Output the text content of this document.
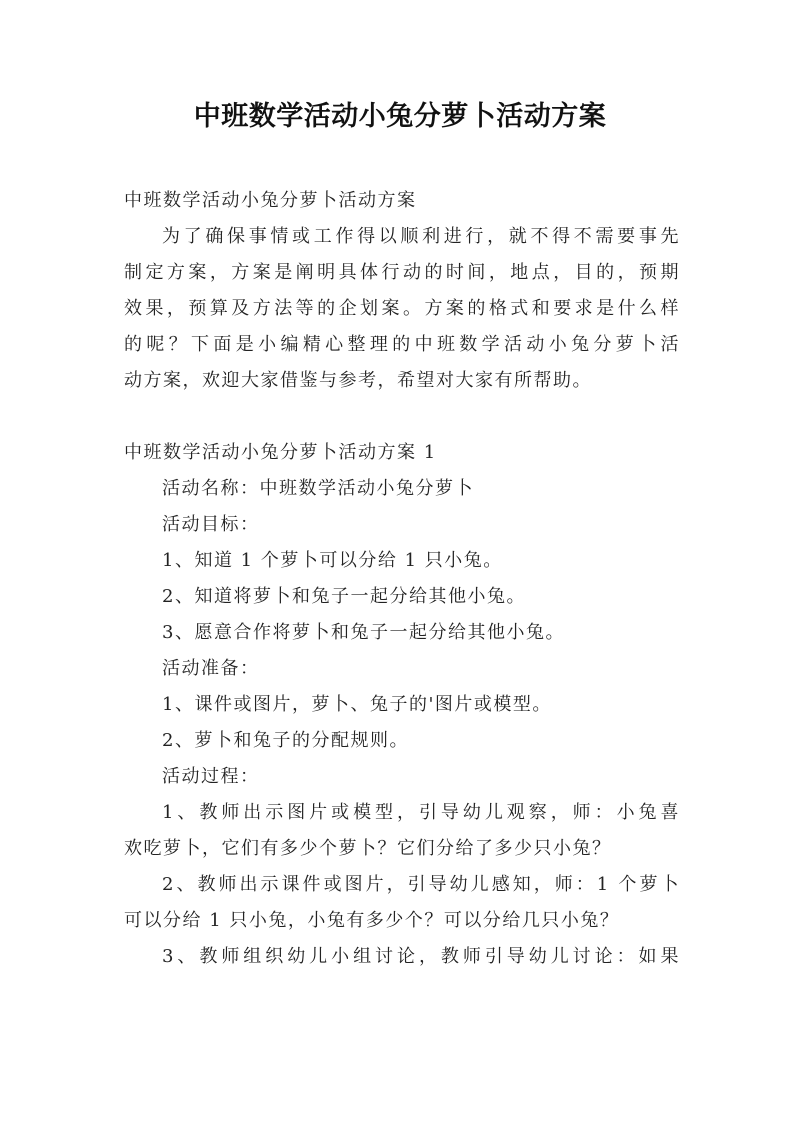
中班数学活动小兔分萝卜活动方案

中班数学活动小兔分萝卜活动方案

为了确保事情或工作得以顺利进行，就不得不需要事先

制定方案，方案是阐明具体行动的时间，地点，目的，预期

效果，预算及方法等的企划案。方案的格式和要求是什么样

的呢？下面是小编精心整理的中班数学活动小兔分萝卜活

动方案，欢迎大家借鉴与参考，希望对大家有所帮助。

中班数学活动小兔分萝卜活动方案 1

活动名称：中班数学活动小兔分萝卜

活动目标：

1、知道 1 个萝卜可以分给 1 只小兔。

2、知道将萝卜和兔子一起分给其他小兔。

3、愿意合作将萝卜和兔子一起分给其他小兔。

活动准备：

1、课件或图片，萝卜、兔子的'图片或模型。

2、萝卜和兔子的分配规则。

活动过程：

1、教师出示图片或模型，引导幼儿观察，师：小兔喜

欢吃萝卜，它们有多少个萝卜？它们分给了多少只小兔？

2、教师出示课件或图片，引导幼儿感知，师：1 个萝卜

可以分给 1 只小兔，小兔有多少个？可以分给几只小兔？

3、教师组织幼儿小组讨论，教师引导幼儿讨论：如果
